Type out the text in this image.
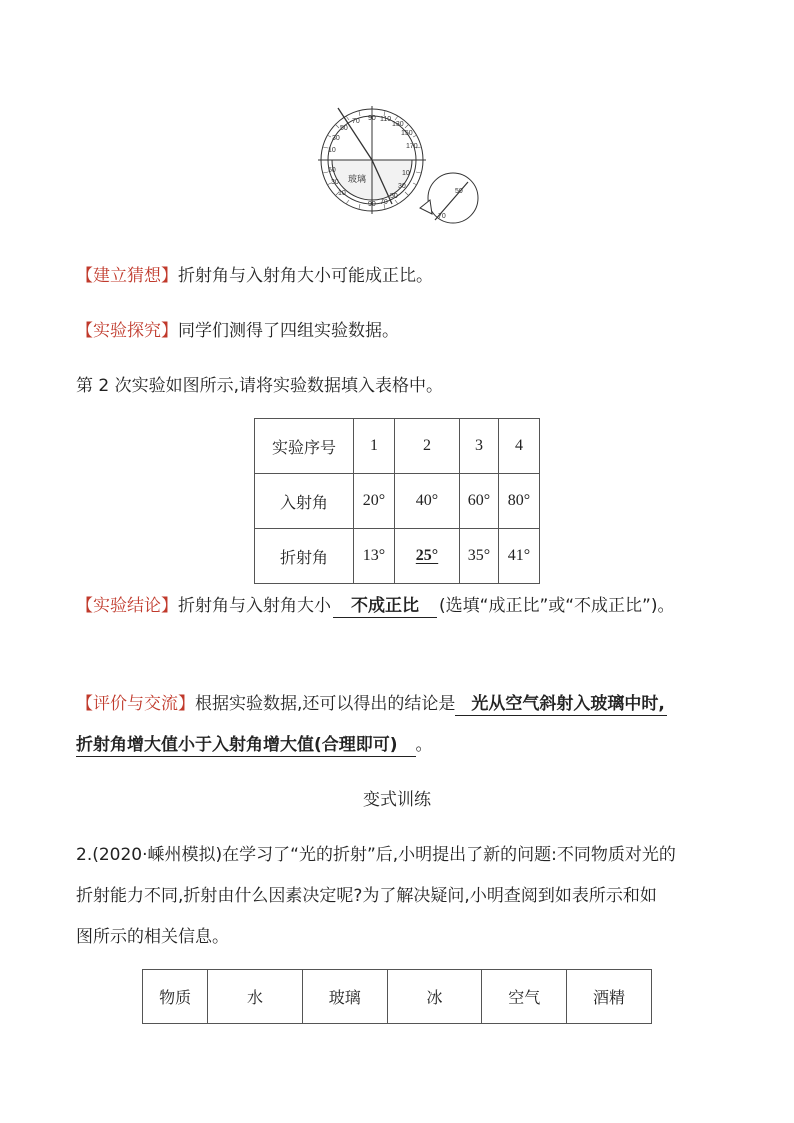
90
70
50
30
10
110
130
150
170
50
30
10
10
30
50
70
90
70
50
玻璃
【建立猜想】折射角与入射角大小可能成正比。
【实验探究】同学们测得了四组实验数据。
第 2 次实验如图所示,请将实验数据填入表格中。
实验序号	1	2	3	4
入射角	20°	40°	60°	80°
折射角	13°	25°	35°	41°
【实验结论】折射角与入射角大小 不成正比 (选填“成正比”或“不成正比”)。
【评价与交流】根据实验数据,还可以得出的结论是 光从空气斜射入玻璃中时,
折射角增大值小于入射角增大值(合理即可) 。
变式训练
2.(2020·嵊州模拟)在学习了“光的折射”后,小明提出了新的问题:不同物质对光的
折射能力不同,折射由什么因素决定呢?为了解决疑问,小明查阅到如表所示和如
图所示的相关信息。
物质	水	玻璃	冰	空气	酒精
